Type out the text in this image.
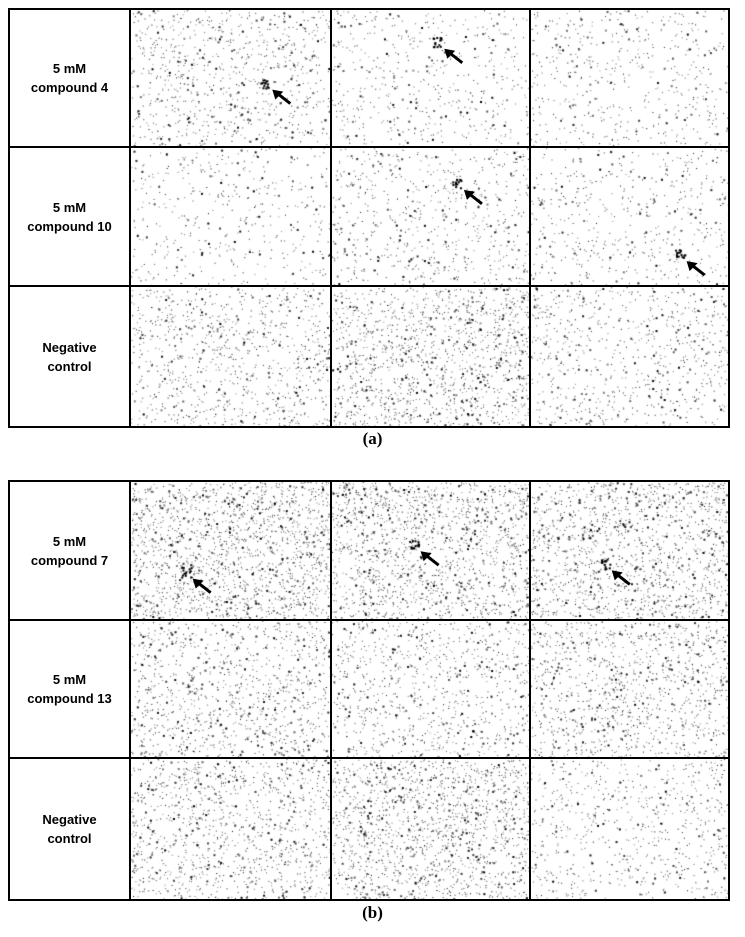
5 mM
compound 4
5 mM
compound 10
Negative
control
(a)
5 mM
compound 7
5 mM
compound 13
Negative
control
(b)
